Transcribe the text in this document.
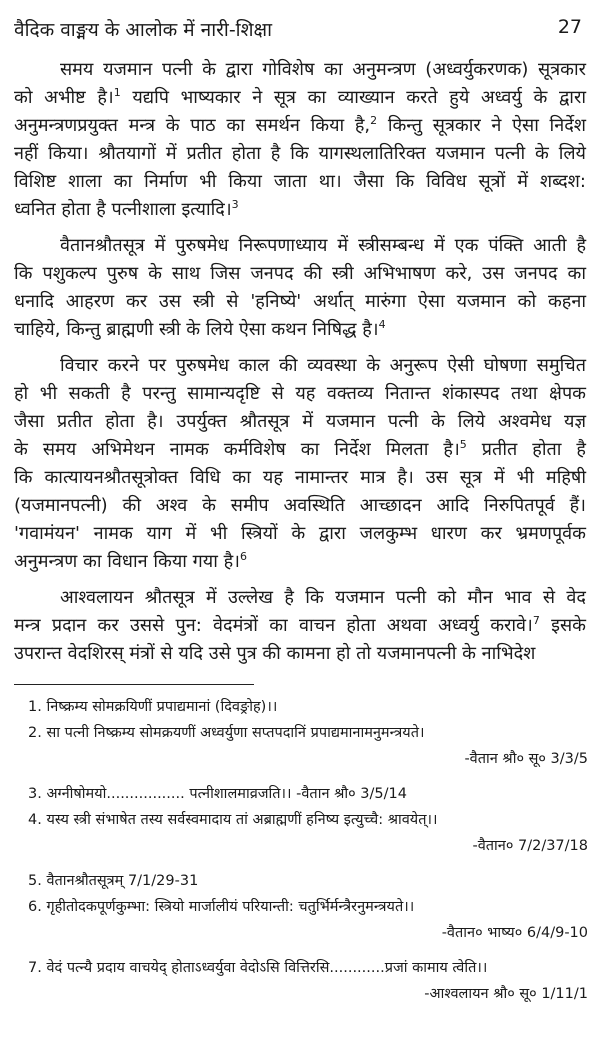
वैदिक वाङ्मय के आलोक में नारी-शिक्षा	27
समय यजमान पत्नी के द्वारा गोविशेष का अनुमन्त्रण (अध्वर्युकरणक) सूत्रकार
को अभीष्ट है।$^1$ यद्यपि भाष्यकार ने सूत्र का व्याख्यान करते हुये अध्वर्यु के द्वारा
अनुमन्त्रणप्रयुक्त मन्त्र के पाठ का समर्थन किया है,$^2$ किन्तु सूत्रकार ने ऐसा निर्देश
नहीं किया। श्रौतयागों में प्रतीत होता है कि यागस्थलातिरिक्त यजमान पत्नी के लिये
विशिष्ट शाला का निर्माण भी किया जाता था। जैसा कि विविध सूत्रों में शब्दश:
ध्वनित होता है पत्नीशाला इत्यादि।$^3$
वैतानश्रौतसूत्र में पुरुषमेध निरूपणाध्याय में स्त्रीसम्बन्ध में एक पंक्ति आती है
कि पशुकल्प पुरुष के साथ जिस जनपद की स्त्री अभिभाषण करे, उस जनपद का
धनादि आहरण कर उस स्त्री से 'हनिष्ये' अर्थात् मारुंगा ऐसा यजमान को कहना
चाहिये, किन्तु ब्राह्मणी स्त्री के लिये ऐसा कथन निषिद्ध है।$^4$
विचार करने पर पुरुषमेध काल की व्यवस्था के अनुरूप ऐसी घोषणा समुचित
हो भी सकती है परन्तु सामान्यदृष्टि से यह वक्तव्य नितान्त शंकास्पद तथा क्षेपक
जैसा प्रतीत होता है। उपर्युक्त श्रौतसूत्र में यजमान पत्नी के लिये अश्वमेध यज्ञ
के समय अभिमेथन नामक कर्मविशेष का निर्देश मिलता है।$^5$ प्रतीत होता है
कि कात्यायनश्रौतसूत्रोक्त विधि का यह नामान्तर मात्र है। उस सूत्र में भी महिषी
(यजमानपत्नी) की अश्व के समीप अवस्थिति आच्छादन आदि निरुपितपूर्व हैं।
'गवामंयन' नामक याग में भी स्त्रियों के द्वारा जलकुम्भ धारण कर भ्रमणपूर्वक
अनुमन्त्रण का विधान किया गया है।$^6$
आश्वलायन श्रौतसूत्र में उल्लेख है कि यजमान पत्नी को मौन भाव से वेद
मन्त्र प्रदान कर उससे पुन: वेदमंत्रों का वाचन होता अथवा अध्वर्यु करावे।$^7$ इसके
उपरान्त वेदशिरस् मंत्रों से यदि उसे पुत्र की कामना हो तो यजमानपत्नी के नाभिदेश
1. निष्क्रम्य सोमक्रयिणीं प्रपाद्यमानां (दिवङ्रोह)।।
2. सा पत्नी निष्क्रम्य सोमक्रयणीं अध्वर्युणा सप्तपदानिं प्रपाद्यमानामनुमन्त्रयते।
-वैतान श्रौ० सू० 3/3/5
3. अग्नीषोमयो................. पत्नीशालमाव्रजति।। -वैतान श्रौ० 3/5/14
4. यस्य स्त्री संभाषेत तस्य सर्वस्वमादाय तां अब्राह्मणीं हनिष्य इत्युच्चै: श्रावयेत्।।
-वैतान० 7/2/37/18
5. वैतानश्रौतसूत्रम् 7/1/29-31
6. गृहीतोदकपूर्णकुम्भा: स्त्रियो मार्जालीयं परियान्ती: चतुर्भिर्मन्त्रैरनुमन्त्रयते।।
-वैतान० भाष्य० 6/4/9-10
7. वेदं पत्न्यै प्रदाय वाचयेद् होताऽध्वर्युवा वेदोऽसि वित्तिरसि............प्रजां कामाय त्वेति।।
-आश्वलायन श्रौ० सू० 1/11/1
